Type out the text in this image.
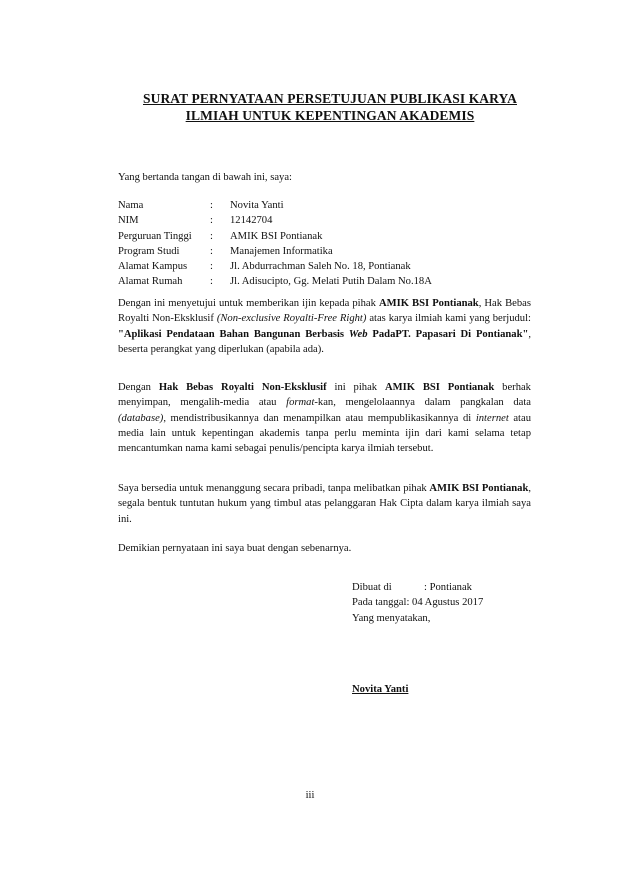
SURAT PERNYATAAN PERSETUJUAN PUBLIKASI KARYA
ILMIAH UNTUK KEPENTINGAN AKADEMIS
Yang bertanda tangan di bawah ini, saya:
Nama	:	Novita Yanti
NIM	:	12142704
Perguruan Tinggi	:	AMIK BSI Pontianak
Program Studi	:	Manajemen Informatika
Alamat Kampus	:	Jl. Abdurrachman Saleh No. 18, Pontianak
Alamat Rumah	:	Jl. Adisucipto, Gg. Melati Putih Dalam No.18A
Dengan ini menyetujui untuk memberikan ijin kepada pihak AMIK BSI Pontianak, Hak Bebas Royalti Non-Eksklusif (Non-exclusive Royalti-Free Right) atas karya ilmiah kami yang berjudul: "Aplikasi Pendataan Bahan Bangunan Berbasis Web PadaPT. Papasari Di Pontianak", beserta perangkat yang diperlukan (apabila ada).
Dengan Hak Bebas Royalti Non-Eksklusif ini pihak AMIK BSI Pontianak berhak menyimpan, mengalih-media atau format-kan, mengelolaannya dalam pangkalan data (database), mendistribusikannya dan menampilkan atau mempublikasikannya di internet atau media lain untuk kepentingan akademis tanpa perlu meminta ijin dari kami selama tetap mencantumkan nama kami sebagai penulis/pencipta karya ilmiah tersebut.
Saya bersedia untuk menanggung secara pribadi, tanpa melibatkan pihak AMIK BSI Pontianak, segala bentuk tuntutan hukum yang timbul atas pelanggaran Hak Cipta dalam karya ilmiah saya ini.
Demikian pernyataan ini saya buat dengan sebenarnya.
Dibuat di	: Pontianak
Pada tanggal : 04 Agustus 2017
Yang menyatakan,
Novita Yanti
iii
